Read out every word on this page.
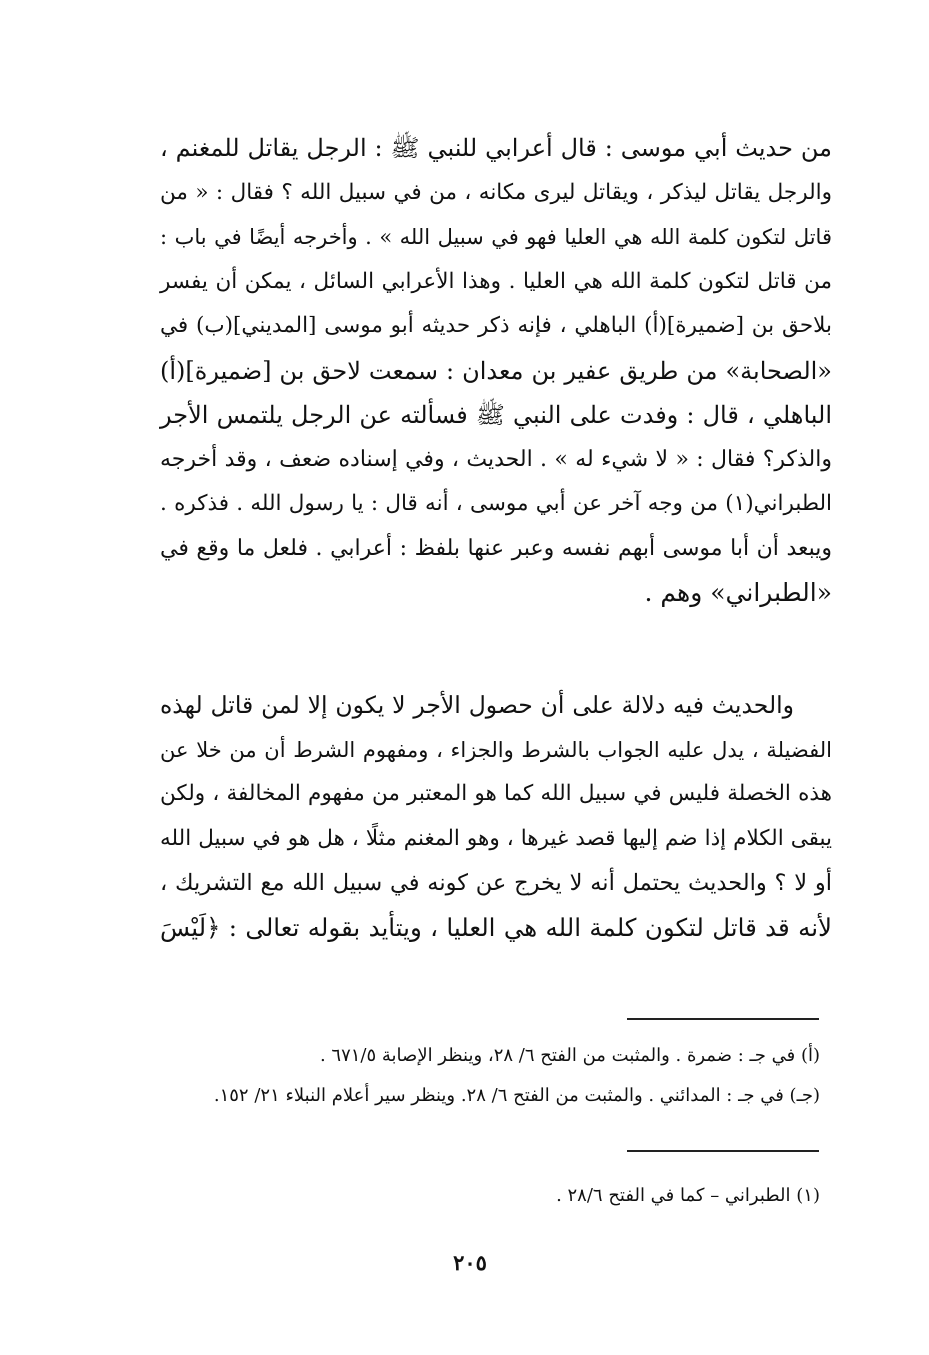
من حديث أبي موسى : قال أعرابي للنبي ﷺ : الرجل يقاتل للمغنم ،
والرجل يقاتل ليذكر ، ويقاتل ليرى مكانه ، من في سبيل الله ؟ فقال : « من
قاتل لتكون كلمة الله هي العليا فهو في سبيل الله » . وأخرجه أيضًا في باب :
من قاتل لتكون كلمة الله هي العليا . وهذا الأعرابي السائل ، يمكن أن يفسر
بلاحق بن [ضميرة](أ) الباهلي ، فإنه ذكر حديثه أبو موسى [المديني](ب) في
«الصحابة» من طريق عفير بن معدان : سمعت لاحق بن [ضميرة](أ)
الباهلي ، قال : وفدت على النبي ﷺ فسألته عن الرجل يلتمس الأجر
والذكر؟ فقال : « لا شيء له » . الحديث ، وفي إسناده ضعف ، وقد أخرجه
الطبراني(١) من وجه آخر عن أبي موسى ، أنه قال : يا رسول الله . فذكره .
ويبعد أن أبا موسى أبهم نفسه وعبر عنها بلفظ : أعرابي . فلعل ما وقع في
«الطبراني» وهم .
والحديث فيه دلالة على أن حصول الأجر لا يكون إلا لمن قاتل لهذه
الفضيلة ، يدل عليه الجواب بالشرط والجزاء ، ومفهوم الشرط أن من خلا عن
هذه الخصلة فليس في سبيل الله كما هو المعتبر من مفهوم المخالفة ، ولكن
يبقى الكلام إذا ضم إليها قصد غيرها ، وهو المغنم مثلًا ، هل هو في سبيل الله
أو لا ؟ والحديث يحتمل أنه لا يخرج عن كونه في سبيل الله مع التشريك ،
لأنه قد قاتل لتكون كلمة الله هي العليا ، ويتأيد بقوله تعالى : ﴿لَيْسَ
(أ) في جـ : ضمرة . والمثبت من الفتح ٦/ ٢٨، وينظر الإصابة ٦٧١/٥ .
(جـ) في جـ : المدائني . والمثبت من الفتح ٦/ ٢٨. وينظر سير أعلام النبلاء ٢١/ ١٥٢.
(١) الطبراني – كما في الفتح ٢٨/٦ .
٢٠٥
